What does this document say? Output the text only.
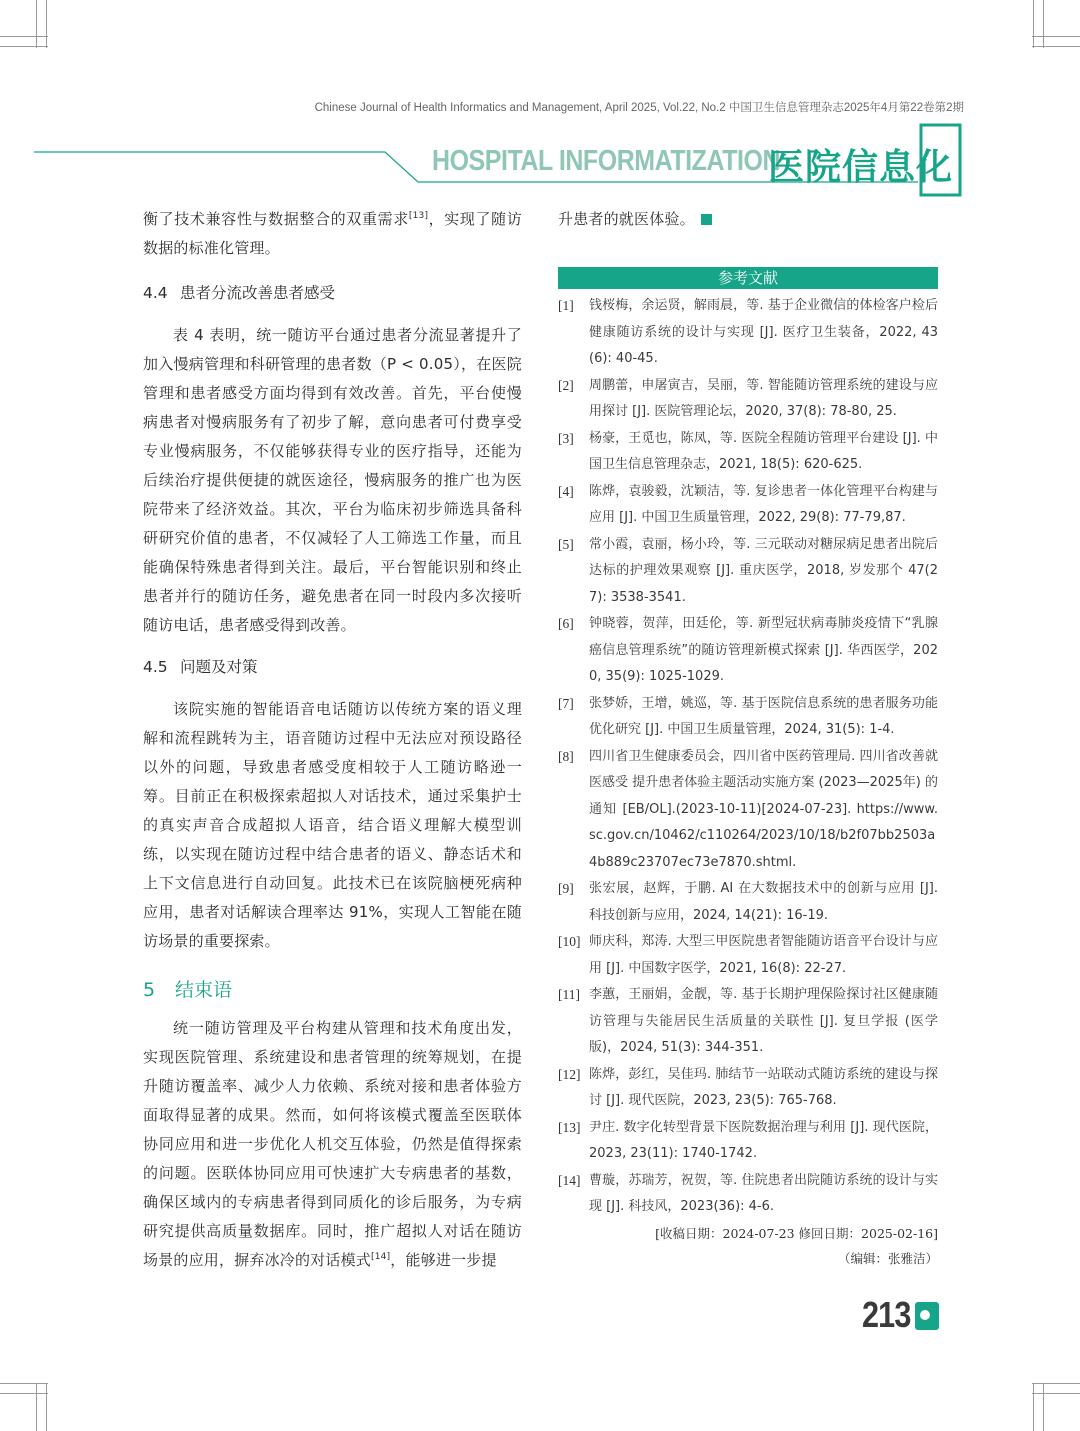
Chinese Journal of Health Informatics and Management, April 2025, Vol.22, No.2 中国卫生信息管理杂志2025年4月第22卷第2期
HOSPITAL INFORMATIZATION
医院信息化

衡了技术兼容性与数据整合的双重需求[13]，实现了随访数据的标准化管理。

4.4 患者分流改善患者感受

表 4 表明，统一随访平台通过患者分流显著提升了加入慢病管理和科研管理的患者数（P < 0.05），在医院管理和患者感受方面均得到有效改善。首先，平台使慢病患者对慢病服务有了初步了解，意向患者可付费享受专业慢病服务，不仅能够获得专业的医疗指导，还能为后续治疗提供便捷的就医途径，慢病服务的推广也为医院带来了经济效益。其次，平台为临床初步筛选具备科研研究价值的患者，不仅减轻了人工筛选工作量，而且能确保特殊患者得到关注。最后，平台智能识别和终止患者并行的随访任务，避免患者在同一时段内多次接听随访电话，患者感受得到改善。

4.5 问题及对策

该院实施的智能语音电话随访以传统方案的语义理解和流程跳转为主，语音随访过程中无法应对预设路径以外的问题，导致患者感受度相较于人工随访略逊一筹。目前正在积极探索超拟人对话技术，通过采集护士的真实声音合成超拟人语音，结合语义理解大模型训练，以实现在随访过程中结合患者的语义、静态话术和上下文信息进行自动回复。此技术已在该院脑梗死病种应用，患者对话解读合理率达 91%，实现人工智能在随访场景的重要探索。

5 结束语

统一随访管理及平台构建从管理和技术角度出发，实现医院管理、系统建设和患者管理的统筹规划，在提升随访覆盖率、减少人力依赖、系统对接和患者体验方面取得显著的成果。然而，如何将该模式覆盖至医联体协同应用和进一步优化人机交互体验，仍然是值得探索的问题。医联体协同应用可快速扩大专病患者的基数，确保区域内的专病患者得到同质化的诊后服务，为专病研究提供高质量数据库。同时，推广超拟人对话在随访场景的应用，摒弃冰冷的对话模式[14]，能够进一步提

升患者的就医体验。

参考文献
[1]	钱桜梅，余运贤，解雨晨，等. 基于企业微信的体检客户检后健康随访系统的设计与实现 [J]. 医疗卫生装备，2022, 43(6): 40-45.
[2]	周鹏蕾，申屠寅吉，吴丽，等. 智能随访管理系统的建设与应用探讨 [J]. 医院管理论坛，2020, 37(8): 78-80, 25.
[3]	杨豪，王觅也，陈凤，等. 医院全程随访管理平台建设 [J]. 中国卫生信息管理杂志，2021, 18(5): 620-625.
[4]	陈烨，袁骏毅，沈颖洁，等. 复诊患者一体化管理平台构建与应用 [J]. 中国卫生质量管理，2022, 29(8): 77-79,87.
[5]	常小霞，袁丽，杨小玲，等. 三元联动对糖尿病足患者出院后达标的护理效果观察 [J]. 重庆医学，2018, 岁发那个 47(27): 3538-3541.
[6]	钟晓蓉，贺萍，田廷伦，等. 新型冠状病毒肺炎疫情下“乳腺癌信息管理系统”的随访管理新模式探索 [J]. 华西医学，2020, 35(9): 1025-1029.
[7]	张梦娇，王增，姚巡，等. 基于医院信息系统的患者服务功能优化研究 [J]. 中国卫生质量管理，2024, 31(5): 1-4.
[8]	四川省卫生健康委员会，四川省中医药管理局. 四川省改善就医感受 提升患者体验主题活动实施方案 (2023—2025年) 的通知 [EB/OL].(2023-10-11)[2024-07-23]. https://www.sc.gov.cn/10462/c110264/2023/10/18/b2f07bb2503a4b889c23707ec73e7870.shtml.
[9]	张宏展，赵辉，于鹏. AI 在大数据技术中的创新与应用 [J]. 科技创新与应用，2024, 14(21): 16-19.
[10] 师庆科，郑涛. 大型三甲医院患者智能随访语音平台设计与应用 [J]. 中国数字医学，2021, 16(8): 22-27.
[11] 李蕙，王丽娟，金靓，等. 基于长期护理保险探讨社区健康随访管理与失能居民生活质量的关联性 [J]. 复旦学报 (医学版)，2024, 51(3): 344-351.
[12] 陈烨，彭红，吴佳玛. 肺结节一站联动式随访系统的建设与探讨 [J]. 现代医院，2023, 23(5): 765-768.
[13] 尹庄. 数字化转型背景下医院数据治理与利用 [J]. 现代医院，2023, 23(11): 1740-1742.
[14] 曹璇，苏瑞芳，祝贺，等. 住院患者出院随访系统的设计与实现 [J]. 科技风，2023(36): 4-6.
[收稿日期：2024-07-23 修回日期：2025-02-16]
（编辑：张雅洁）
213
